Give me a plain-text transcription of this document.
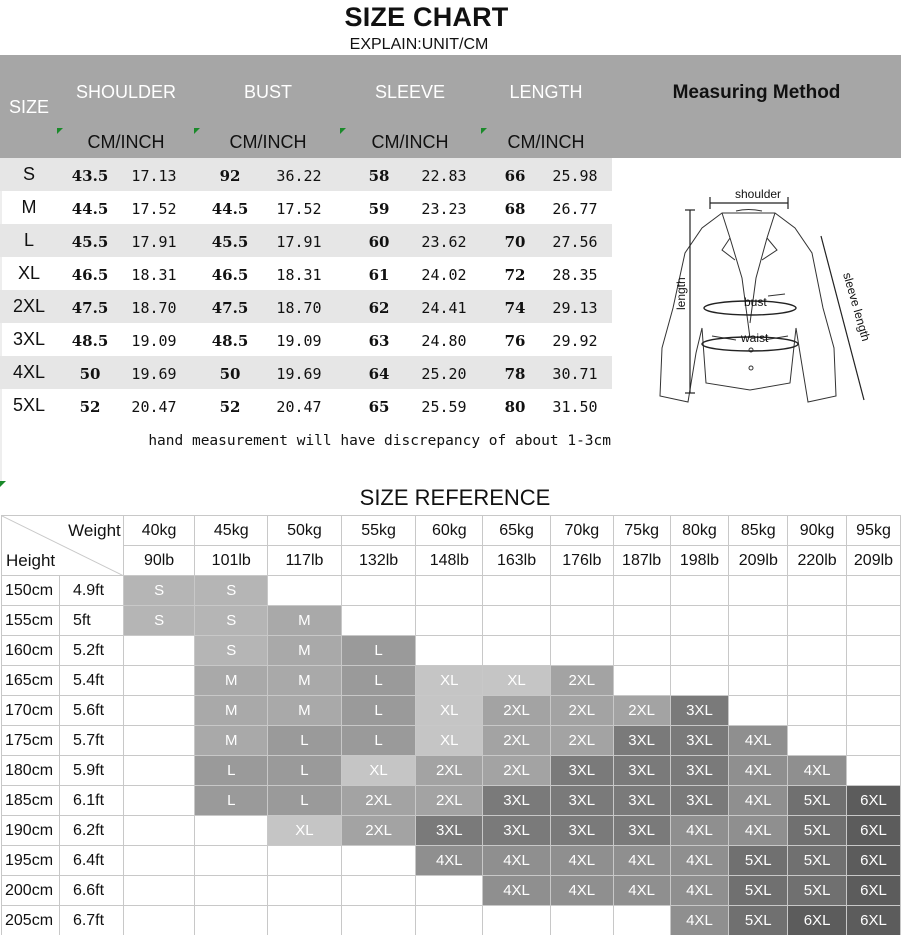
SIZE CHART
EXPLAIN:UNIT/CM
SIZE
SHOULDER	BUST	SLEEVE	LENGTH
CM/INCH	CM/INCH	CM/INCH	CM/INCH
Measuring Method
S	43.5	17.13	92	36.22	58	22.83	66	25.98
M	44.5	17.52	44.5	17.52	59	23.23	68	26.77
L	45.5	17.91	45.5	17.91	60	23.62	70	27.56
XL	46.5	18.31	46.5	18.31	61	24.02	72	28.35
2XL	47.5	18.70	47.5	18.70	62	24.41	74	29.13
3XL	48.5	19.09	48.5	19.09	63	24.80	76	29.92
4XL	50	19.69	50	19.69	64	25.20	78	30.71
5XL	52	20.47	52	20.47	65	25.59	80	31.50
hand measurement will have discrepancy of about 1-3cm
shoulder
bust
waist
length	sleeve length
SIZE REFERENCE
Weight
Height		40kg	45kg	50kg	55kg	60kg	65kg	70kg	75kg	80kg	85kg	90kg	95kg
		90lb	101lb	117lb	132lb	148lb	163lb	176lb	187lb	198lb	209lb	220lb	209lb
150cm	4.9ft	S	S										
155cm	5ft	S	S	M									
160cm	5.2ft		S	M	L								
165cm	5.4ft		M	M	L	XL	XL	2XL					
170cm	5.6ft		M	M	L	XL	2XL	2XL	2XL	3XL			
175cm	5.7ft		M	L	L	XL	2XL	2XL	3XL	3XL	4XL		
180cm	5.9ft		L	L	XL	2XL	2XL	3XL	3XL	3XL	4XL	4XL	
185cm	6.1ft		L	L	2XL	2XL	3XL	3XL	3XL	3XL	4XL	5XL	6XL
190cm	6.2ft			XL	2XL	3XL	3XL	3XL	3XL	4XL	4XL	5XL	6XL
195cm	6.4ft					4XL	4XL	4XL	4XL	4XL	5XL	5XL	6XL
200cm	6.6ft						4XL	4XL	4XL	4XL	5XL	5XL	6XL
205cm	6.7ft									4XL	5XL	6XL	6XL
